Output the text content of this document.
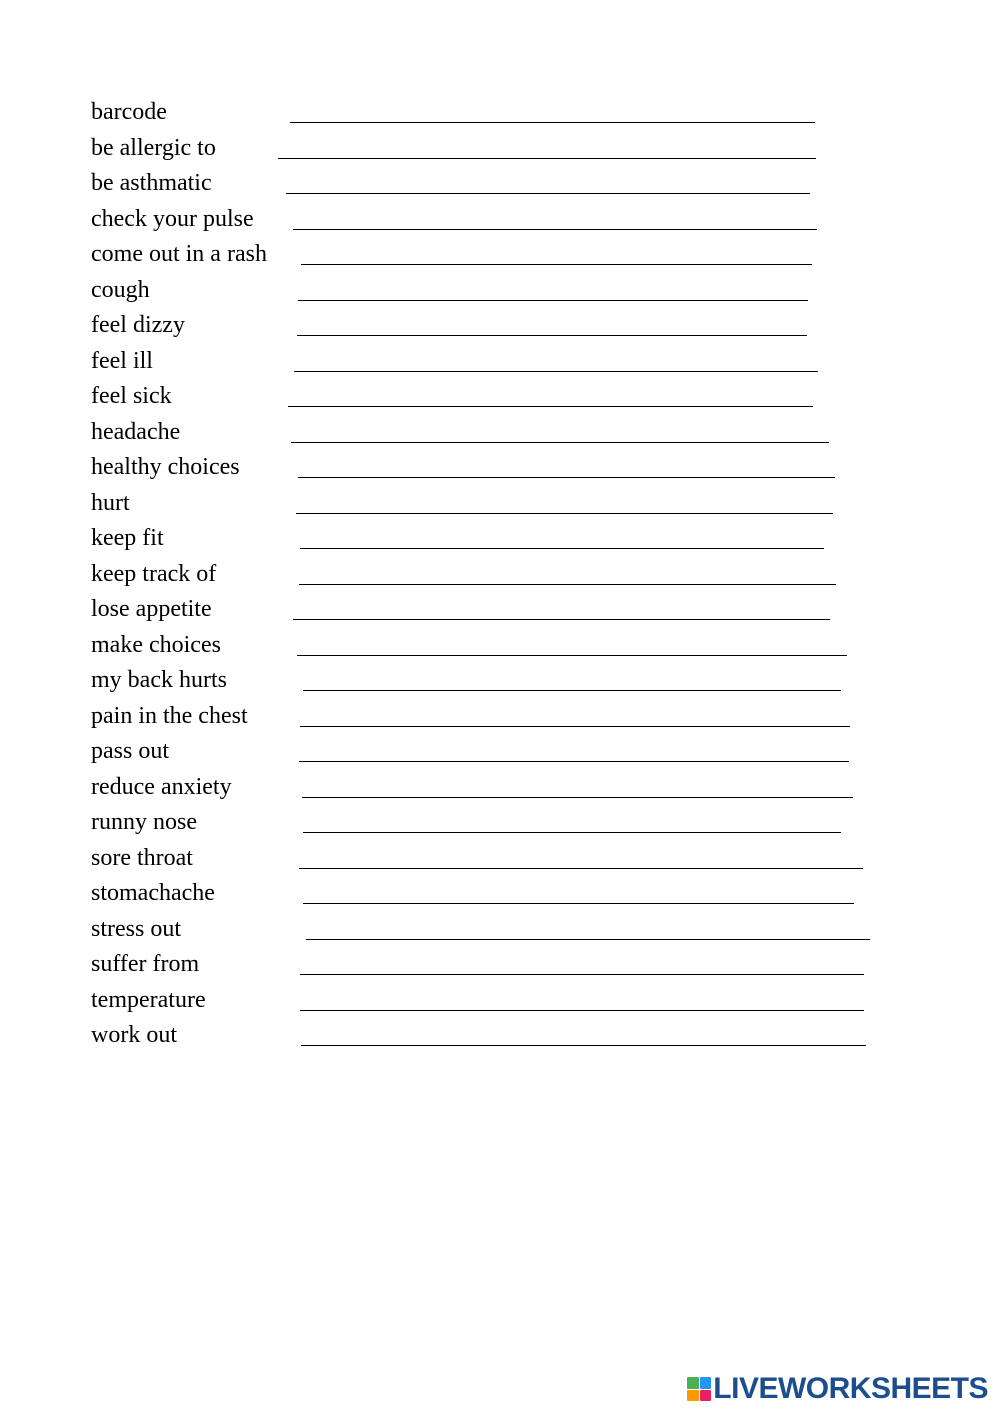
barcode
be allergic to
be asthmatic
check your pulse
come out in a rash
cough
feel dizzy
feel ill
feel sick
headache
healthy choices
hurt
keep fit
keep track of
lose appetite
make choices
my back hurts
pain in the chest
pass out
reduce anxiety
runny nose
sore throat
stomachache
stress out
suffer from
temperature
work out
LIVEWORKSHEETS
